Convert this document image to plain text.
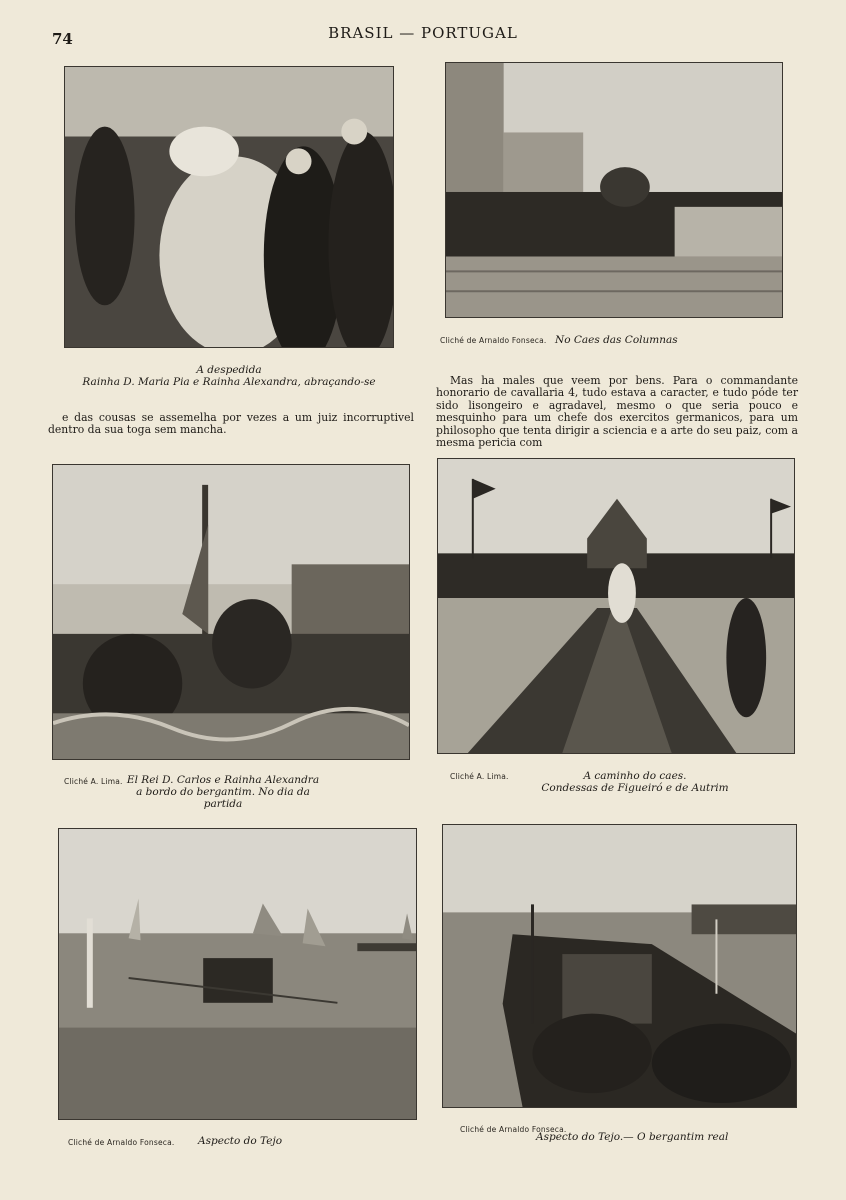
74	BRASIL — PORTUGAL
A despedida
Rainha D. Maria Pia e Rainha Alexandra, abraçando-se
Cliché de Arnaldo Fonseca. No Caes das Columnas
e das cousas se assemelha por vezes a um juiz incorruptivel dentro da sua toga sem mancha.
Mas ha males que veem por bens. Para o commandante honorario de cavallaria 4, tudo estava a caracter, e tudo póde ter sido lisongeiro e agradavel, mesmo o que seria pouco e mesquinho para um chefe dos exercitos germanicos, para um philosopho que tenta dirigir a sciencia e a arte do seu paiz, com a mesma pericia com
Cliché A. Lima. El Rei D. Carlos e Rainha Alexandra
a bordo do bergantim. No dia da partida
Cliché A. Lima.	A caminho do caes.
Condessas de Figueiró e de Autrim
Cliché de Arnaldo Fonseca. Aspecto do Tejo
Cliché de Arnaldo Fonseca.
Aspecto do Tejo.— O bergantim real
